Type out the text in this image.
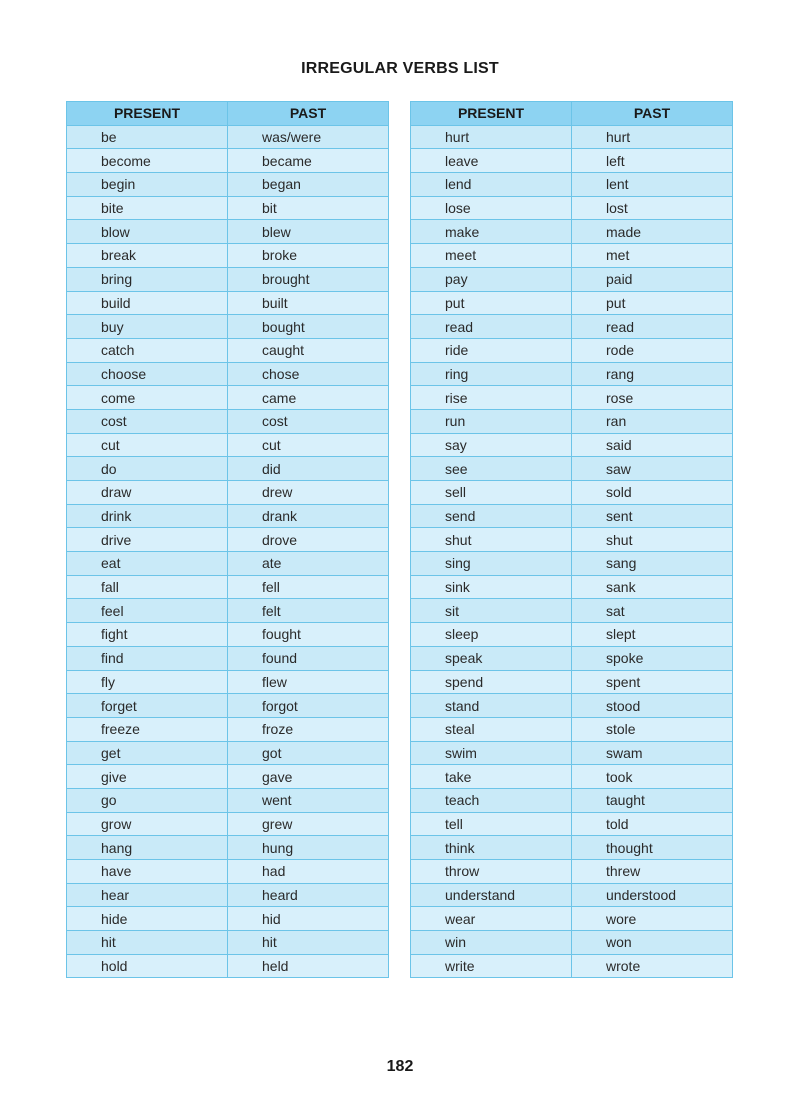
IRREGULAR VERBS LIST
PRESENT	PAST
be	was/were
become	became
begin	began
bite	bit
blow	blew
break	broke
bring	brought
build	built
buy	bought
catch	caught
choose	chose
come	came
cost	cost
cut	cut
do	did
draw	drew
drink	drank
drive	drove
eat	ate
fall	fell
feel	felt
fight	fought
find	found
fly	flew
forget	forgot
freeze	froze
get	got
give	gave
go	went
grow	grew
hang	hung
have	had
hear	heard
hide	hid
hit	hit
hold	held
PRESENT	PAST
hurt	hurt
leave	left
lend	lent
lose	lost
make	made
meet	met
pay	paid
put	put
read	read
ride	rode
ring	rang
rise	rose
run	ran
say	said
see	saw
sell	sold
send	sent
shut	shut
sing	sang
sink	sank
sit	sat
sleep	slept
speak	spoke
spend	spent
stand	stood
steal	stole
swim	swam
take	took
teach	taught
tell	told
think	thought
throw	threw
understand	understood
wear	wore
win	won
write	wrote
182
